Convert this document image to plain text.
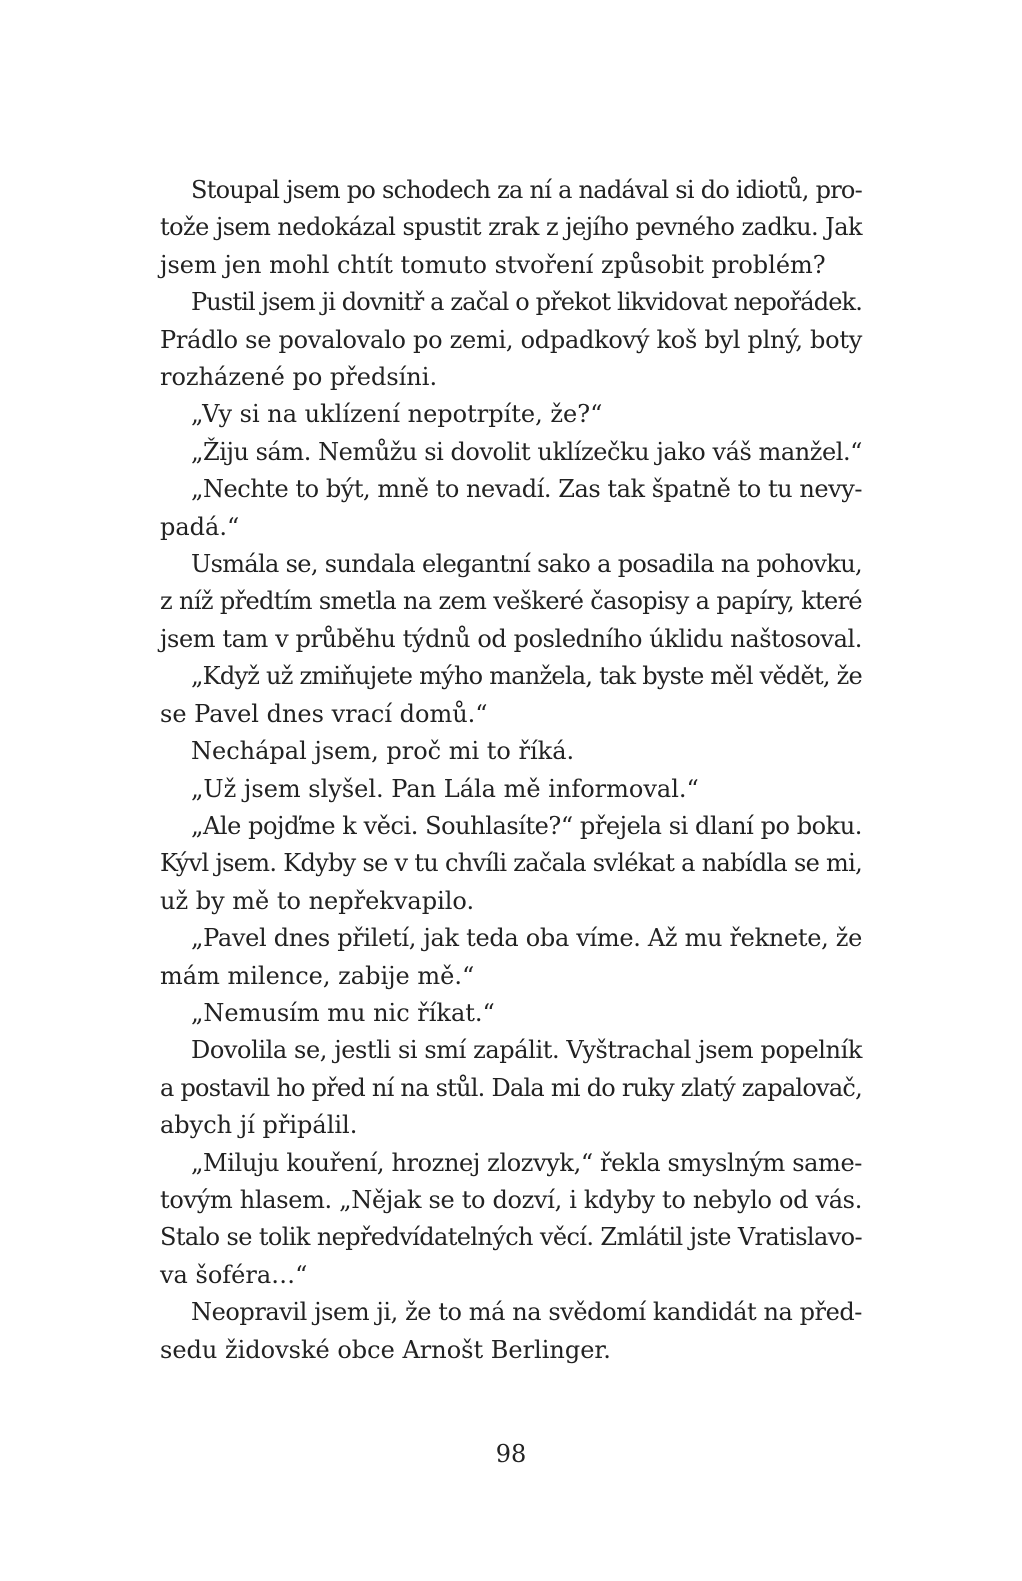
Stoupal jsem po schodech za ní a nadával si do idiotů, pro-
tože jsem nedokázal spustit zrak z jejího pevného zadku. Jak
jsem jen mohl chtít tomuto stvoření způsobit problém?
Pustil jsem ji dovnitř a začal o překot likvidovat nepořádek.
Prádlo se povalovalo po zemi, odpadkový koš byl plný, boty
rozházené po předsíni.
„Vy si na uklízení nepotrpíte, že?“
„Žiju sám. Nemůžu si dovolit uklízečku jako váš manžel.“
„Nechte to být, mně to nevadí. Zas tak špatně to tu nevy-
padá.“
Usmála se, sundala elegantní sako a posadila na pohovku,
z níž předtím smetla na zem veškeré časopisy a papíry, které
jsem tam v průběhu týdnů od posledního úklidu naštosoval.
„Když už zmiňujete mýho manžela, tak byste měl vědět, že
se Pavel dnes vrací domů.“
Nechápal jsem, proč mi to říká.
„Už jsem slyšel. Pan Lála mě informoval.“
„Ale pojďme k věci. Souhlasíte?“ přejela si dlaní po boku.
Kývl jsem. Kdyby se v tu chvíli začala svlékat a nabídla se mi,
už by mě to nepřekvapilo.
„Pavel dnes přiletí, jak teda oba víme. Až mu řeknete, že
mám milence, zabije mě.“
„Nemusím mu nic říkat.“
Dovolila se, jestli si smí zapálit. Vyštrachal jsem popelník
a postavil ho před ní na stůl. Dala mi do ruky zlatý zapalovač,
abych jí připálil.
„Miluju kouření, hroznej zlozvyk,“ řekla smyslným same-
tovým hlasem. „Nějak se to dozví, i kdyby to nebylo od vás.
Stalo se tolik nepředvídatelných věcí. Zmlátil jste Vratislavo-
va šoféra…“
Neopravil jsem ji, že to má na svědomí kandidát na před-
sedu židovské obce Arnošt Berlinger.
98
